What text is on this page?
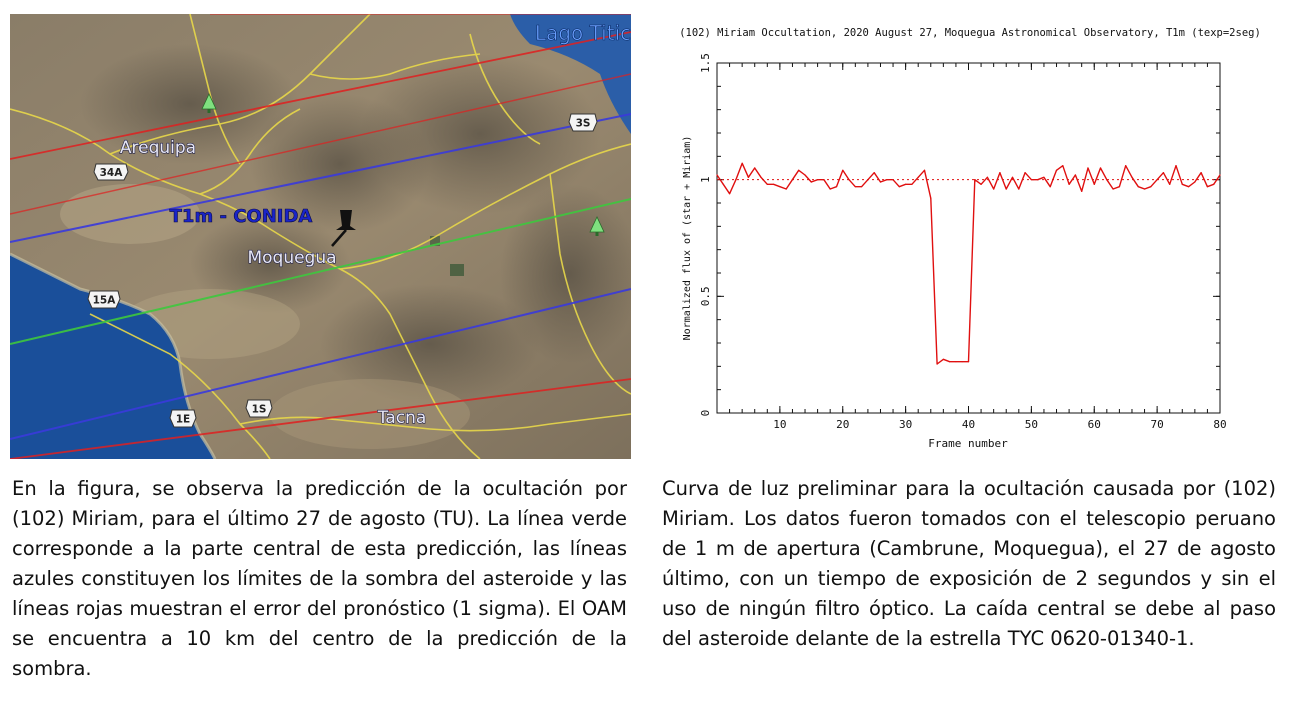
34A
3S
15A
1E
1S
Lago Titic
Arequipa
Moquegua
Tacna
T1m - CONIDA
(102) Miriam Occultation, 2020 August 27, Moquegua Astronomical Observatory, T1m (texp=2seg)
0
0.5
1
1.5
10	20	30	40	50	60	70	80
Frame number
Normalized flux of (star + Miriam)
En la figura, se observa la predicción de la ocultación por (102) Miriam, para el último 27 de agosto (TU). La línea verde corresponde a la parte central de esta predicción, las líneas azules constituyen los límites de la sombra del asteroide y las líneas rojas muestran el error del pronóstico (1 sigma). El OAM se encuentra a 10 km del centro de la predicción de la sombra.
Curva de luz preliminar para la ocultación causada por (102) Miriam. Los datos fueron tomados con el telescopio peruano de 1 m de apertura (Cambrune, Moquegua), el 27 de agosto último, con un tiempo de exposición de 2 segundos y sin el uso de ningún filtro óptico. La caída central se debe al paso del asteroide delante de la estrella TYC 0620-01340-1.
